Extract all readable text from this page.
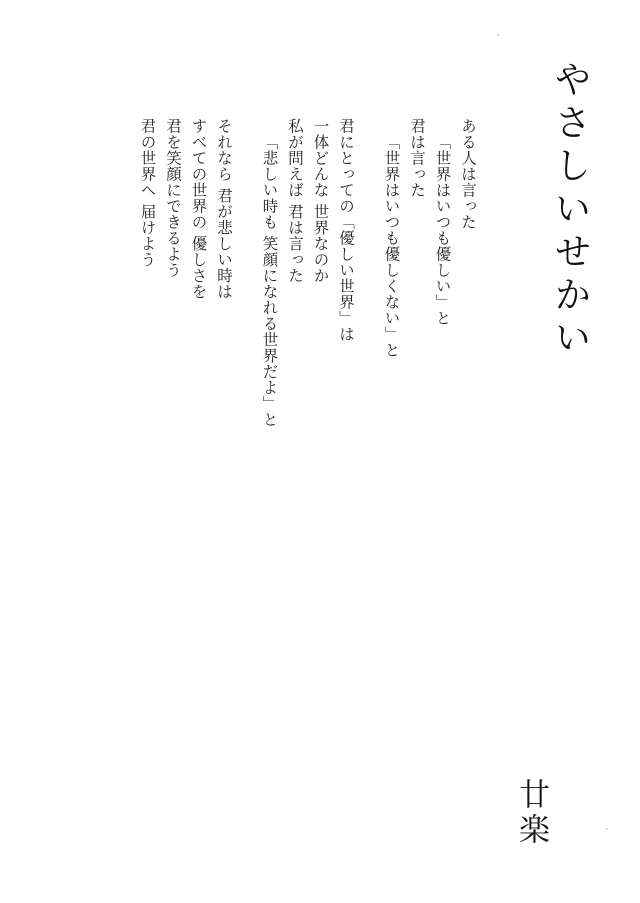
やさしいせかい
ある人は言った
「世界はいつも優しい」と
君は言った
「世界はいつも優しくない」と
君にとっての「優しい世界」は
一体どんな 世界なのか
私が問えば 君は言った
「悲しい時も 笑顔になれる世界だよ」と
それなら 君が悲しい時は
すべての世界の 優しさを
君を笑顔にできるよう
君の世界へ 届けよう
廿楽
